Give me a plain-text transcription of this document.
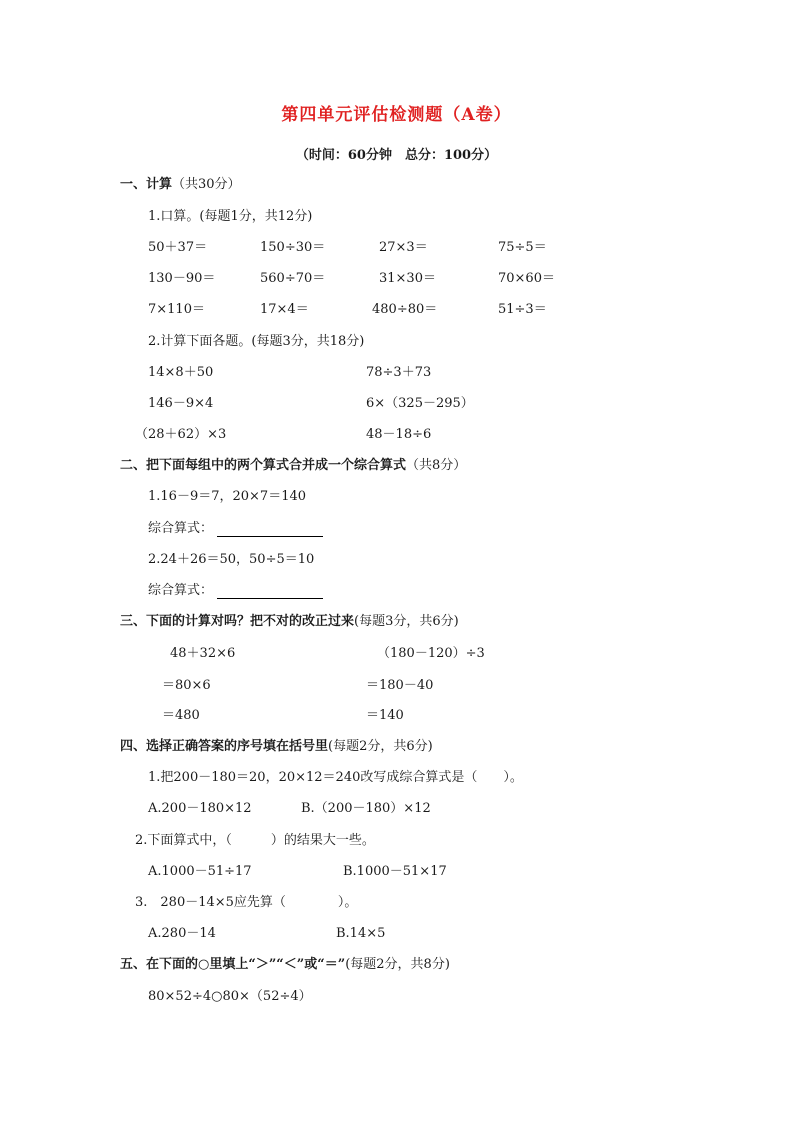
第四单元评估检测题（A卷）
（时间：60分钟　总分：100分）
一、计算（共30分）
1.口算。(每题1分，共12分)
50＋37＝	150÷30＝	27×3＝	75÷5＝
130－90＝	560÷70＝	31×30＝	70×60＝
7×110＝	17×4＝	480÷80＝	51÷3＝
2.计算下面各题。(每题3分，共18分)
14×8＋50	78÷3＋73
146－9×4	6×（325－295）
（28＋62）×3	48－18÷6
二、把下面每组中的两个算式合并成一个综合算式（共8分）
1.16－9＝7，20×7＝140
综合算式：
2.24＋26＝50，50÷5＝10
综合算式：
三、下面的计算对吗？把不对的改正过来(每题3分，共6分)
48＋32×6
＝80×6
＝480
（180－120）÷3
＝180－40
＝140
四、选择正确答案的序号填在括号里(每题2分，共6分)
1.把200－180＝20，20×12＝240改写成综合算式是（　　）。
A.200－180×12	B.（200－180）×12
2.下面算式中，（　　　）的结果大一些。
A.1000－51÷17	B.1000－51×17
3.　280－14×5应先算（　　　　）。
A.280－14	B.14×5
五、在下面的○里填上“＞”“＜”或“＝”(每题2分，共8分)
80×52÷4○80×（52÷4）
